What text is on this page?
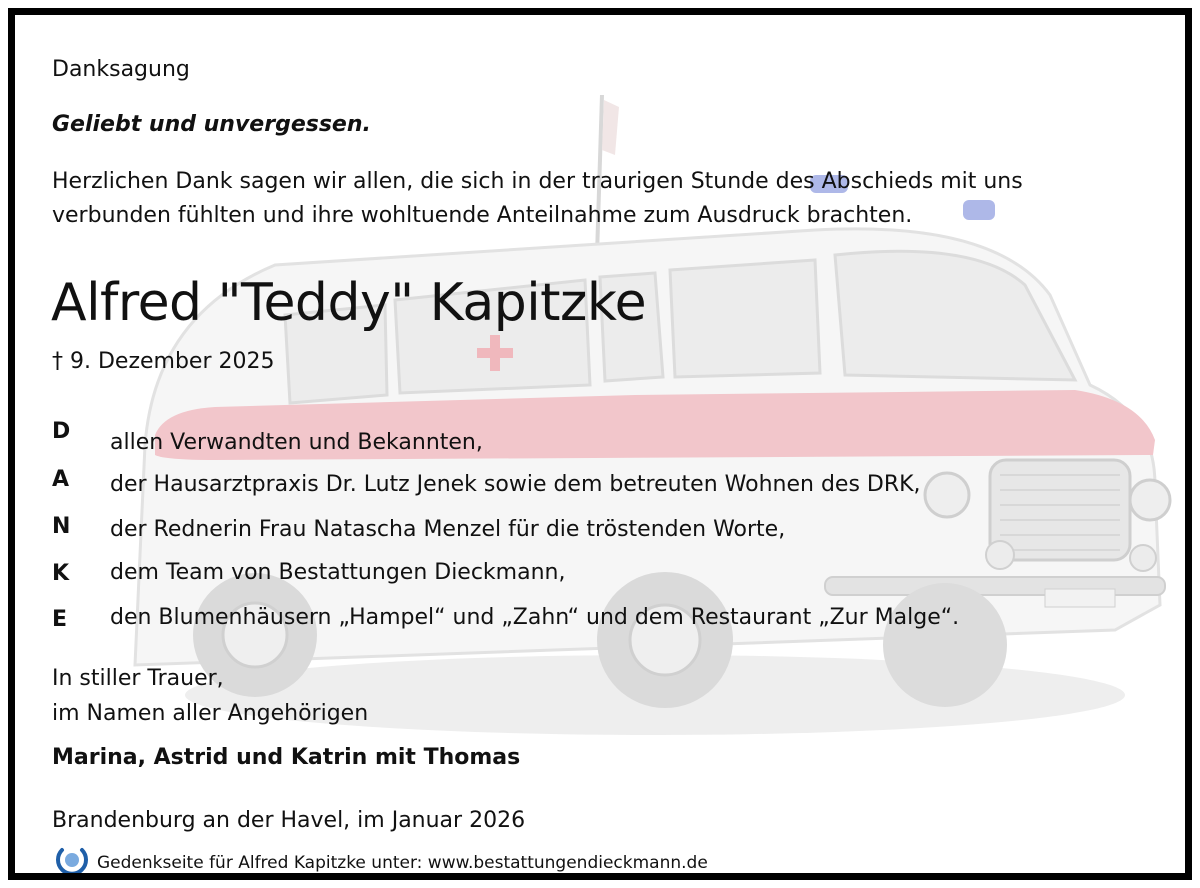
Danksagung
Geliebt und unvergessen.
Herzlichen Dank sagen wir allen, die sich in der traurigen Stunde des Abschieds mit uns
verbunden fühlten und ihre wohltuende Anteilnahme zum Ausdruck brachten.
Alfred "Teddy" Kapitzke
† 9. Dezember 2025
D	allen Verwandten und Bekannten,
A	der Hausarztpraxis Dr. Lutz Jenek sowie dem betreuten Wohnen des DRK,
N	der Rednerin Frau Natascha Menzel für die tröstenden Worte,
K	dem Team von Bestattungen Dieckmann,
E	den Blumenhäusern „Hampel“ und „Zahn“ und dem Restaurant „Zur Malge“.
In stiller Trauer,
im Namen aller Angehörigen
Marina, Astrid und Katrin mit Thomas
Brandenburg an der Havel, im Januar 2026
Gedenkseite für Alfred Kapitzke unter: www.bestattungendieckmann.de
